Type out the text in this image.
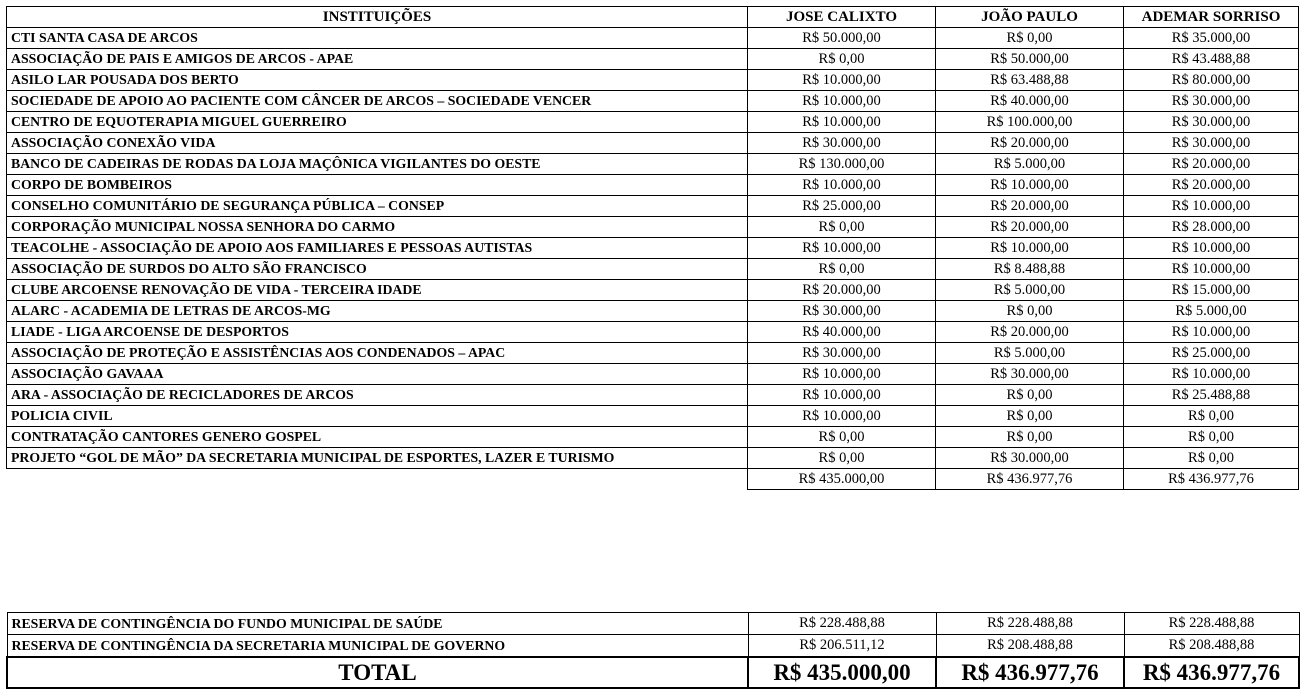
INSTITUIÇÕES	JOSE CALIXTO	JOÃO PAULO	ADEMAR SORRISO
CTI SANTA CASA DE ARCOS	R$ 50.000,00	R$ 0,00	R$ 35.000,00
ASSOCIAÇÃO DE PAIS E AMIGOS DE ARCOS - APAE	R$ 0,00	R$ 50.000,00	R$ 43.488,88
ASILO LAR POUSADA DOS BERTO	R$ 10.000,00	R$ 63.488,88	R$ 80.000,00
SOCIEDADE DE APOIO AO PACIENTE COM CÂNCER DE ARCOS – SOCIEDADE VENCER	R$ 10.000,00	R$ 40.000,00	R$ 30.000,00
CENTRO DE EQUOTERAPIA MIGUEL GUERREIRO	R$ 10.000,00	R$ 100.000,00	R$ 30.000,00
ASSOCIAÇÃO CONEXÃO VIDA	R$ 30.000,00	R$ 20.000,00	R$ 30.000,00
BANCO DE CADEIRAS DE RODAS DA LOJA MAÇÔNICA VIGILANTES DO OESTE	R$ 130.000,00	R$ 5.000,00	R$ 20.000,00
CORPO DE BOMBEIROS	R$ 10.000,00	R$ 10.000,00	R$ 20.000,00
CONSELHO COMUNITÁRIO DE SEGURANÇA PÚBLICA – CONSEP	R$ 25.000,00	R$ 20.000,00	R$ 10.000,00
CORPORAÇÃO MUNICIPAL NOSSA SENHORA DO CARMO	R$ 0,00	R$ 20.000,00	R$ 28.000,00
TEACOLHE - ASSOCIAÇÃO DE APOIO AOS FAMILIARES E PESSOAS AUTISTAS	R$ 10.000,00	R$ 10.000,00	R$ 10.000,00
ASSOCIAÇÃO DE SURDOS DO ALTO SÃO FRANCISCO	R$ 0,00	R$ 8.488,88	R$ 10.000,00
CLUBE ARCOENSE RENOVAÇÃO DE VIDA - TERCEIRA IDADE	R$ 20.000,00	R$ 5.000,00	R$ 15.000,00
ALARC - ACADEMIA DE LETRAS DE ARCOS-MG	R$ 30.000,00	R$ 0,00	R$ 5.000,00
LIADE - LIGA ARCOENSE DE DESPORTOS	R$ 40.000,00	R$ 20.000,00	R$ 10.000,00
ASSOCIAÇÃO DE PROTEÇÃO E ASSISTÊNCIAS AOS CONDENADOS – APAC	R$ 30.000,00	R$ 5.000,00	R$ 25.000,00
ASSOCIAÇÃO GAVAAA	R$ 10.000,00	R$ 30.000,00	R$ 10.000,00
ARA - ASSOCIAÇÃO DE RECICLADORES DE ARCOS	R$ 10.000,00	R$ 0,00	R$ 25.488,88
POLICIA CIVIL	R$ 10.000,00	R$ 0,00	R$ 0,00
CONTRATAÇÃO CANTORES GENERO GOSPEL	R$ 0,00	R$ 0,00	R$ 0,00
PROJETO “GOL DE MÃO” DA SECRETARIA MUNICIPAL DE ESPORTES, LAZER E TURISMO	R$ 0,00	R$ 30.000,00	R$ 0,00
	R$ 435.000,00	R$ 436.977,76	R$ 436.977,76
RESERVA DE CONTINGÊNCIA DO FUNDO MUNICIPAL DE SAÚDE	R$ 228.488,88	R$ 228.488,88	R$ 228.488,88
RESERVA DE CONTINGÊNCIA DA SECRETARIA MUNICIPAL DE GOVERNO	R$ 206.511,12	R$ 208.488,88	R$ 208.488,88
TOTAL	R$ 435.000,00	R$ 436.977,76	R$ 436.977,76
